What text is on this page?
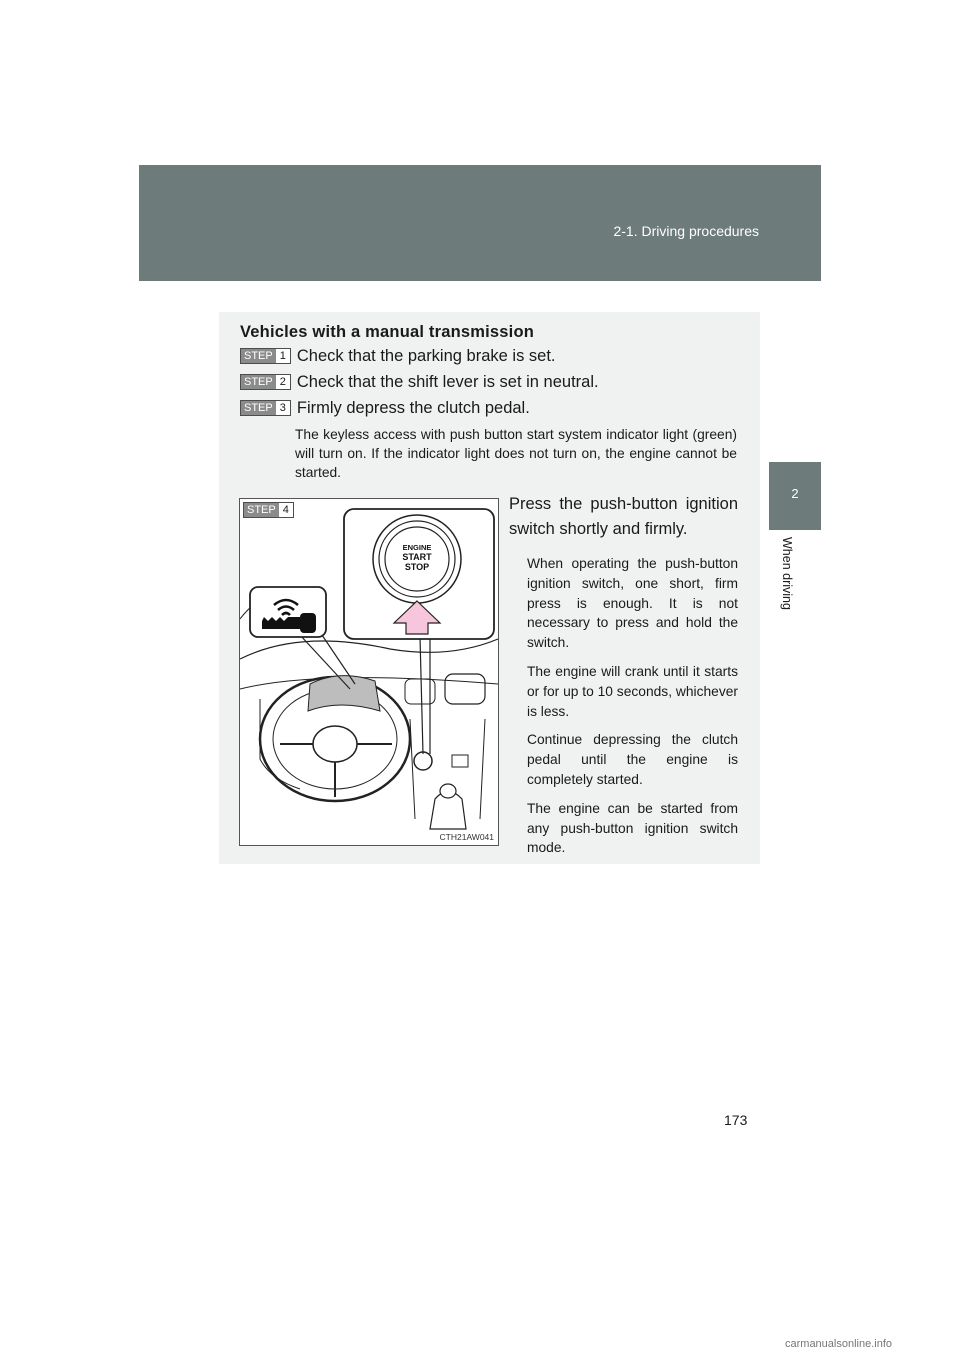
2-1. Driving procedures
2
When driving
Vehicles with a manual transmission
STEP 1 Check that the parking brake is set.
STEP 2 Check that the shift lever is set in neutral.
STEP 3 Firmly depress the clutch pedal.
The keyless access with push button start system indicator light (green) will turn on. If the indicator light does not turn on, the engine cannot be started.
STEP 4
ENGINE
START
STOP
CTH21AW041

Press the push-button ignition switch shortly and firmly.

When operating the push-button ignition switch, one short, firm press is enough. It is not necessary to press and hold the switch.

The engine will crank until it starts or for up to 10 seconds, whichever is less.

Continue depressing the clutch pedal until the engine is completely started.

The engine can be started from any push-button ignition switch mode.

173
carmanualsonline.info
